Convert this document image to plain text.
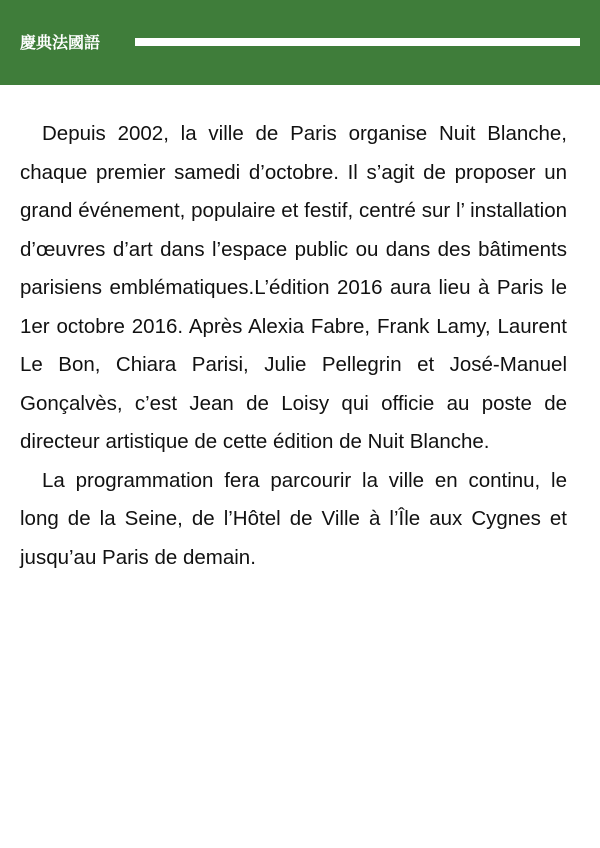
慶典法國語

Depuis 2002, la ville de Paris organise Nuit Blanche, chaque premier samedi d’octobre. Il s’agit de proposer un grand événement, populaire et festif, centré sur l’ installation d’œuvres d’art dans l’espace public ou dans des bâtiments parisiens emblématiques.L’édition 2016 aura lieu à Paris le 1er octobre 2016. Après Alexia Fabre, Frank Lamy, Laurent Le Bon, Chiara Parisi, Julie Pellegrin et José-Manuel Gonçalvès, c’est Jean de Loisy qui officie au poste de directeur artistique de cette édition de Nuit Blanche.

La programmation fera parcourir la ville en continu, le long de la Seine, de l’Hôtel de Ville à l’Île aux Cygnes et jusqu’au Paris de demain.
